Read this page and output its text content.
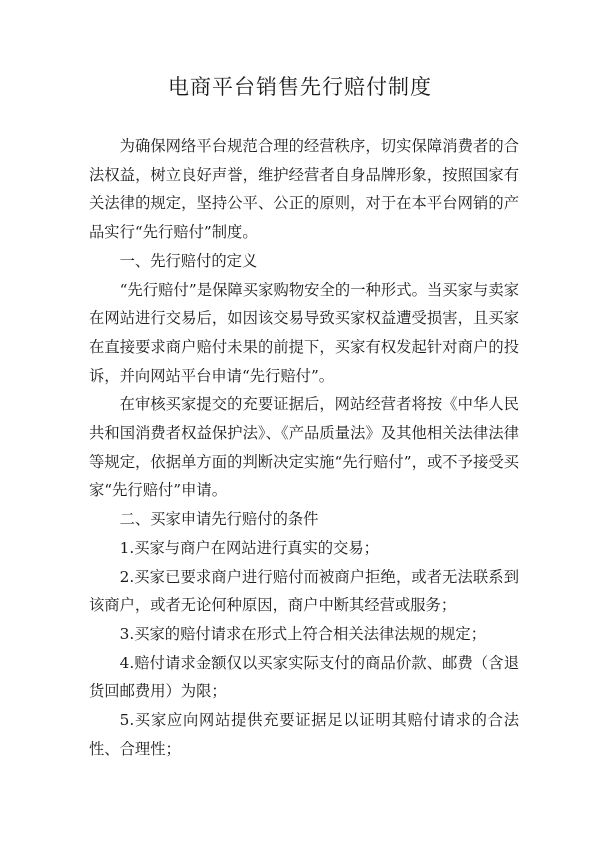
电商平台销售先行赔付制度

为确保网络平台规范合理的经营秩序，切实保障消费者的合法权益，树立良好声誉，维护经营者自身品牌形象，按照国家有关法律的规定，坚持公平、公正的原则，对于在本平台网销的产品实行“先行赔付”制度。

一、先行赔付的定义

“先行赔付”是保障买家购物安全的一种形式。当买家与卖家在网站进行交易后，如因该交易导致买家权益遭受损害，且买家在直接要求商户赔付未果的前提下，买家有权发起针对商户的投诉，并向网站平台申请“先行赔付”。

在审核买家提交的充要证据后，网站经营者将按《中华人民共和国消费者权益保护法》、《产品质量法》及其他相关法律法律等规定，依据单方面的判断决定实施“先行赔付”，或不予接受买家“先行赔付”申请。

二、买家申请先行赔付的条件

1.买家与商户在网站进行真实的交易；

2.买家已要求商户进行赔付而被商户拒绝，或者无法联系到该商户，或者无论何种原因，商户中断其经营或服务；

3.买家的赔付请求在形式上符合相关法律法规的规定；

4.赔付请求金额仅以买家实际支付的商品价款、邮费（含退货回邮费用）为限；

5.买家应向网站提供充要证据足以证明其赔付请求的合法性、合理性；
